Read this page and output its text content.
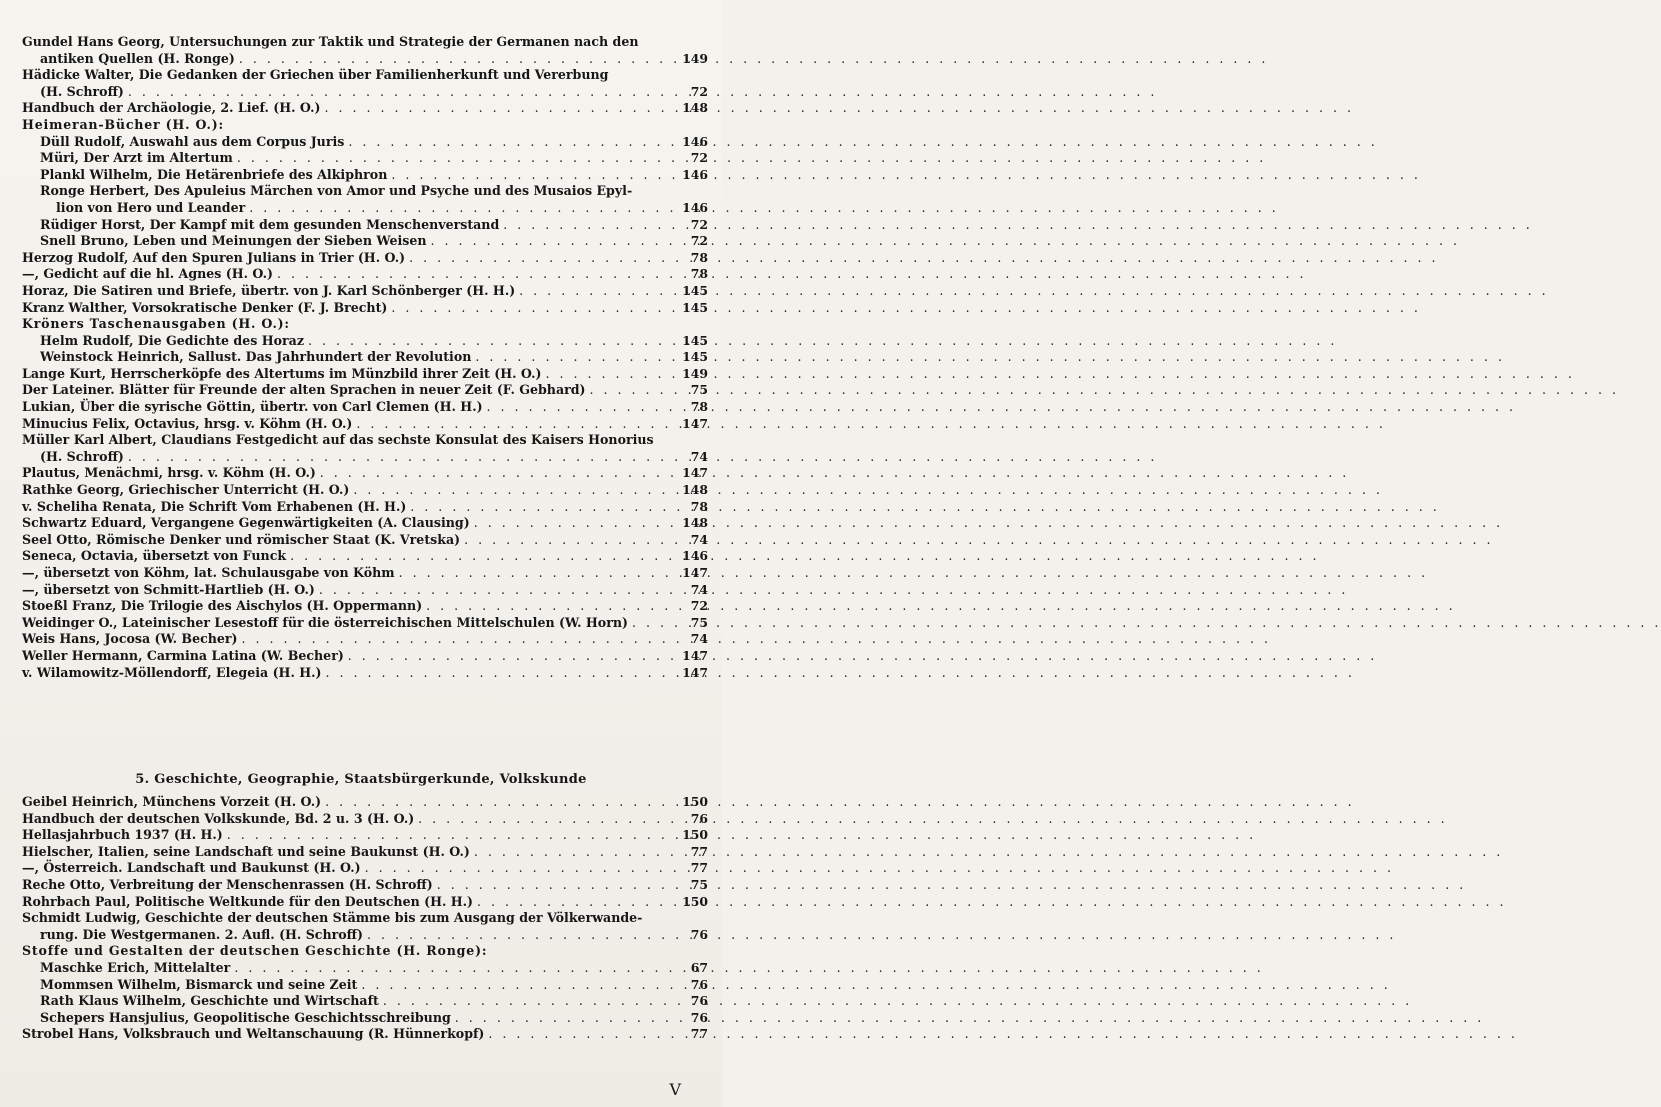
Gundel Hans Georg, Untersuchungen zur Taktik und Strategie der Germanen nach den
antiken Quellen (H. Ronge) . . .	149
Hädicke Walter, Die Gedanken der Griechen über Familienherkunft und Vererbung
(H. Schroff) . . .	72
Handbuch der Archäologie, 2. Lief. (H. O.) . . .	148
Heimeran-Bücher (H. O.):
Düll Rudolf, Auswahl aus dem Corpus Juris . . .	146
Müri, Der Arzt im Altertum . . .	72
Plankl Wilhelm, Die Hetärenbriefe des Alkiphron . . .	146
Ronge Herbert, Des Apuleius Märchen von Amor und Psyche und des Musaios Epyl-
lion von Hero und Leander . . .	146
Rüdiger Horst, Der Kampf mit dem gesunden Menschenverstand . . .	72
Snell Bruno, Leben und Meinungen der Sieben Weisen . . .	72
Herzog Rudolf, Auf den Spuren Julians in Trier (H. O.) . . .	78
—, Gedicht auf die hl. Agnes (H. O.) . . .	78
Horaz, Die Satiren und Briefe, übertr. von J. Karl Schönberger (H. H.) . . .	145
Kranz Walther, Vorsokratische Denker (F. J. Brecht) . . .	145
Kröners Taschenausgaben (H. O.):
Helm Rudolf, Die Gedichte des Horaz . . .	145
Weinstock Heinrich, Sallust. Das Jahrhundert der Revolution . . .	145
Lange Kurt, Herrscherköpfe des Altertums im Münzbild ihrer Zeit (H. O.) . . .	149
Der Lateiner. Blätter für Freunde der alten Sprachen in neuer Zeit (F. Gebhard) . . .	75
Lukian, Über die syrische Göttin, übertr. von Carl Clemen (H. H.) . . .	78
Minucius Felix, Octavius, hrsg. v. Köhm (H. O.) . . .	147
Müller Karl Albert, Claudians Festgedicht auf das sechste Konsulat des Kaisers Honorius
(H. Schroff) . . .	74
Plautus, Menächmi, hrsg. v. Köhm (H. O.) . . .	147
Rathke Georg, Griechischer Unterricht (H. O.) . . .	148
v. Scheliha Renata, Die Schrift Vom Erhabenen (H. H.) . . .	78
Schwartz Eduard, Vergangene Gegenwärtigkeiten (A. Clausing) . . .	148
Seel Otto, Römische Denker und römischer Staat (K. Vretska) . . .	74
Seneca, Octavia, übersetzt von Funck . . .	146
—, übersetzt von Köhm, lat. Schulausgabe von Köhm . . .	147
—, übersetzt von Schmitt-Hartlieb (H. O.) . . .	74
Stoeßl Franz, Die Trilogie des Aischylos (H. Oppermann) . . .	72
Weidinger O., Lateinischer Lesestoff für die österreichischen Mittelschulen (W. Horn) . . .	75
Weis Hans, Jocosa (W. Becher) . . .	74
Weller Hermann, Carmina Latina (W. Becher) . . .	147
v. Wilamowitz-Möllendorff, Elegeia (H. H.) . . .	147
5. Geschichte, Geographie, Staatsbürgerkunde, Volkskunde
Geibel Heinrich, Münchens Vorzeit (H. O.) . . .	150
Handbuch der deutschen Volkskunde, Bd. 2 u. 3 (H. O.) . . .	76
Hellasjahrbuch 1937 (H. H.) . . .	150
Hielscher, Italien, seine Landschaft und seine Baukunst (H. O.) . . .	77
—, Österreich. Landschaft und Baukunst (H. O.) . . .	77
Reche Otto, Verbreitung der Menschenrassen (H. Schroff) . . .	75
Rohrbach Paul, Politische Weltkunde für den Deutschen (H. H.) . . .	150
Schmidt Ludwig, Geschichte der deutschen Stämme bis zum Ausgang der Völkerwande-
rung. Die Westgermanen. 2. Aufl. (H. Schroff) . . .	76
Stoffe und Gestalten der deutschen Geschichte (H. Ronge):
Maschke Erich, Mittelalter . . .	67
Mommsen Wilhelm, Bismarck und seine Zeit . . .	76
Rath Klaus Wilhelm, Geschichte und Wirtschaft . . .	76
Schepers Hansjulius, Geopolitische Geschichtsschreibung . . .	76
Strobel Hans, Volksbrauch und Weltanschauung (R. Hünnerkopf) . . .	77
V
